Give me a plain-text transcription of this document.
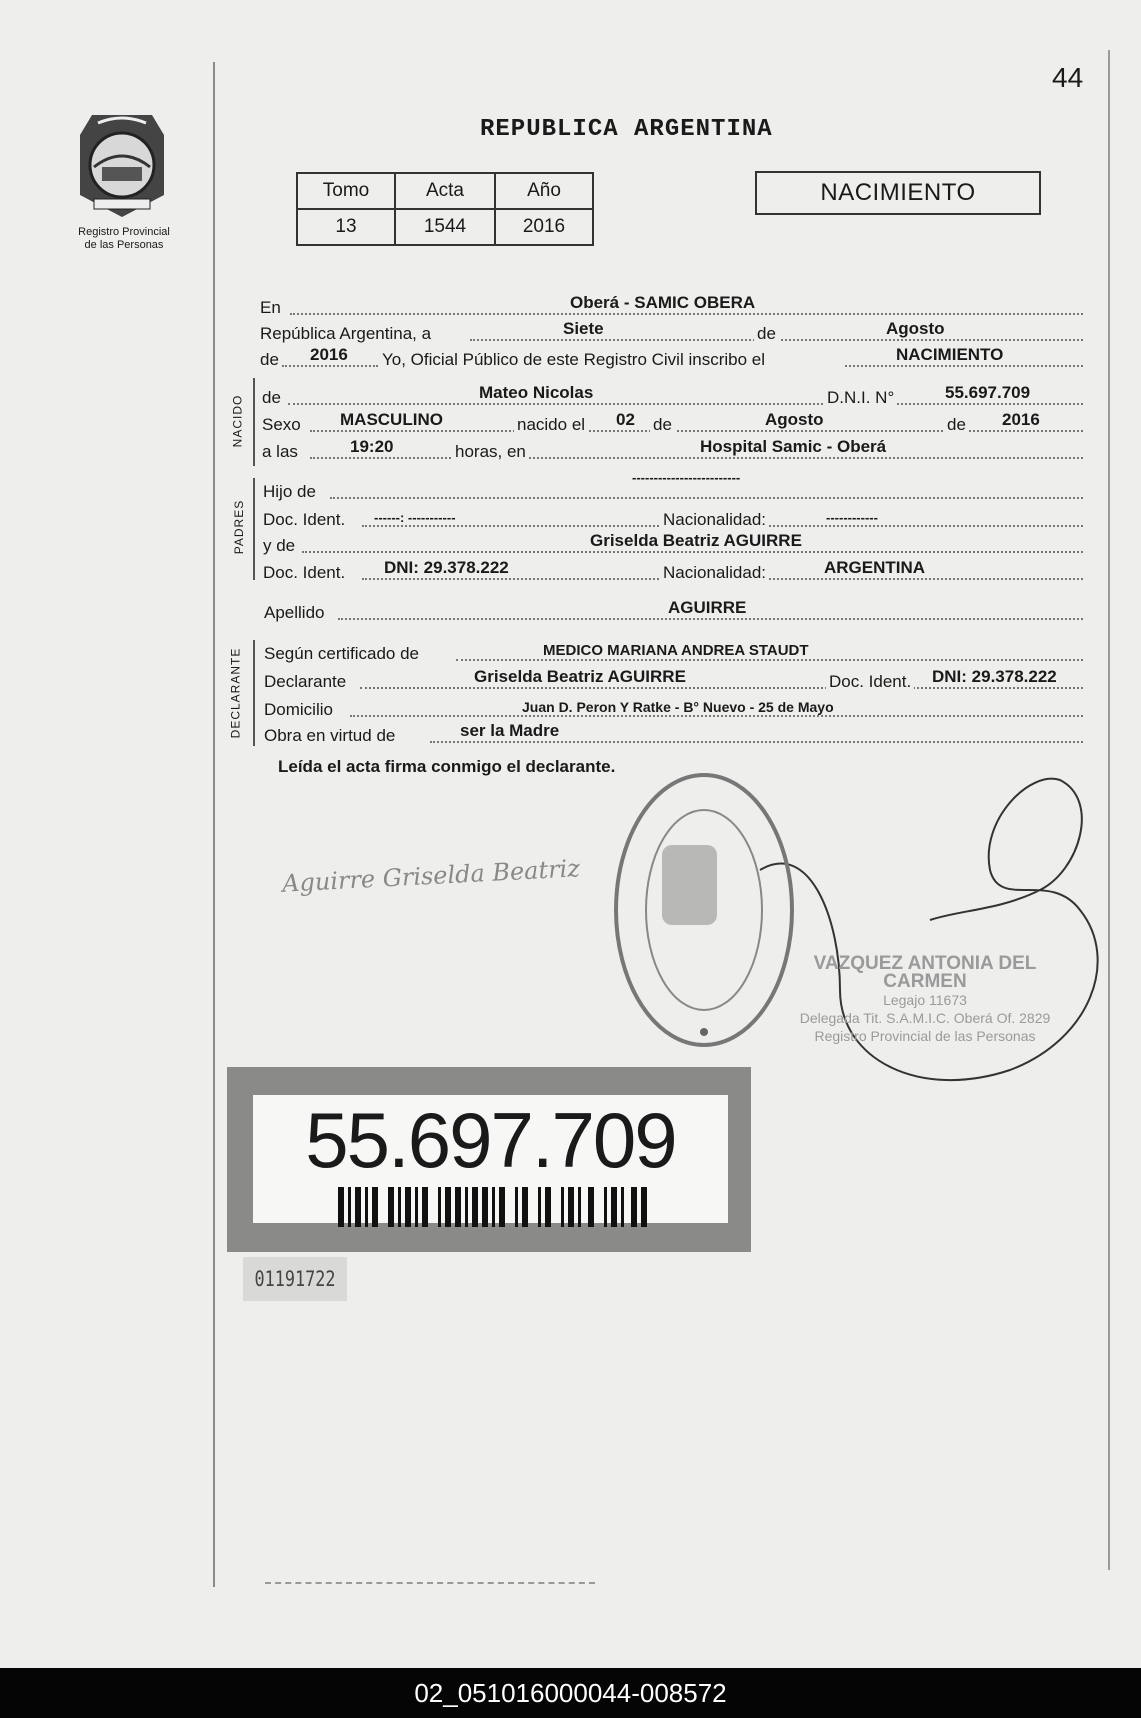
44
Registro Provincial
de las Personas
REPUBLICA ARGENTINA
Tomo	Acta	Año
13	1544	2016
NACIMIENTO
En	Oberá - SAMIC OBERA
República Argentina, a	Siete	de	Agosto
de 2016 Yo, Oficial Público de este Registro Civil inscribo el	NACIMIENTO
NACIDO de	Mateo Nicolas	D.N.I. N°	55.697.709
Sexo MASCULINO	nacido el 02 de	Agosto	de 2016
a las	19:20	horas, en	Hospital Samic - Oberá
PADRES
Hijo de
-------------------------
Doc. Ident. ------: -----------	Nacionalidad:	------------
y de	Griselda Beatriz AGUIRRE
Doc. Ident. DNI: 29.378.222	Nacionalidad:	ARGENTINA
Apellido	AGUIRRE
DECLARANTE Según certificado de	MEDICO MARIANA ANDREA STAUDT
Declarante	Griselda Beatriz AGUIRRE	Doc. Ident. DNI: 29.378.222
Domicilio	Juan D. Peron Y Ratke - B° Nuevo - 25 de Mayo
Obra en virtud de	ser la Madre
Leída el acta firma conmigo el declarante.
Aguirre Griselda Beatriz
VAZQUEZ ANTONIA DEL CARMEN
Legajo 11673
Delegada Tit. S.A.M.I.C. Oberá Of. 2829
Registro Provincial de las Personas
55.697.709
01191722
02_051016000044-008572
